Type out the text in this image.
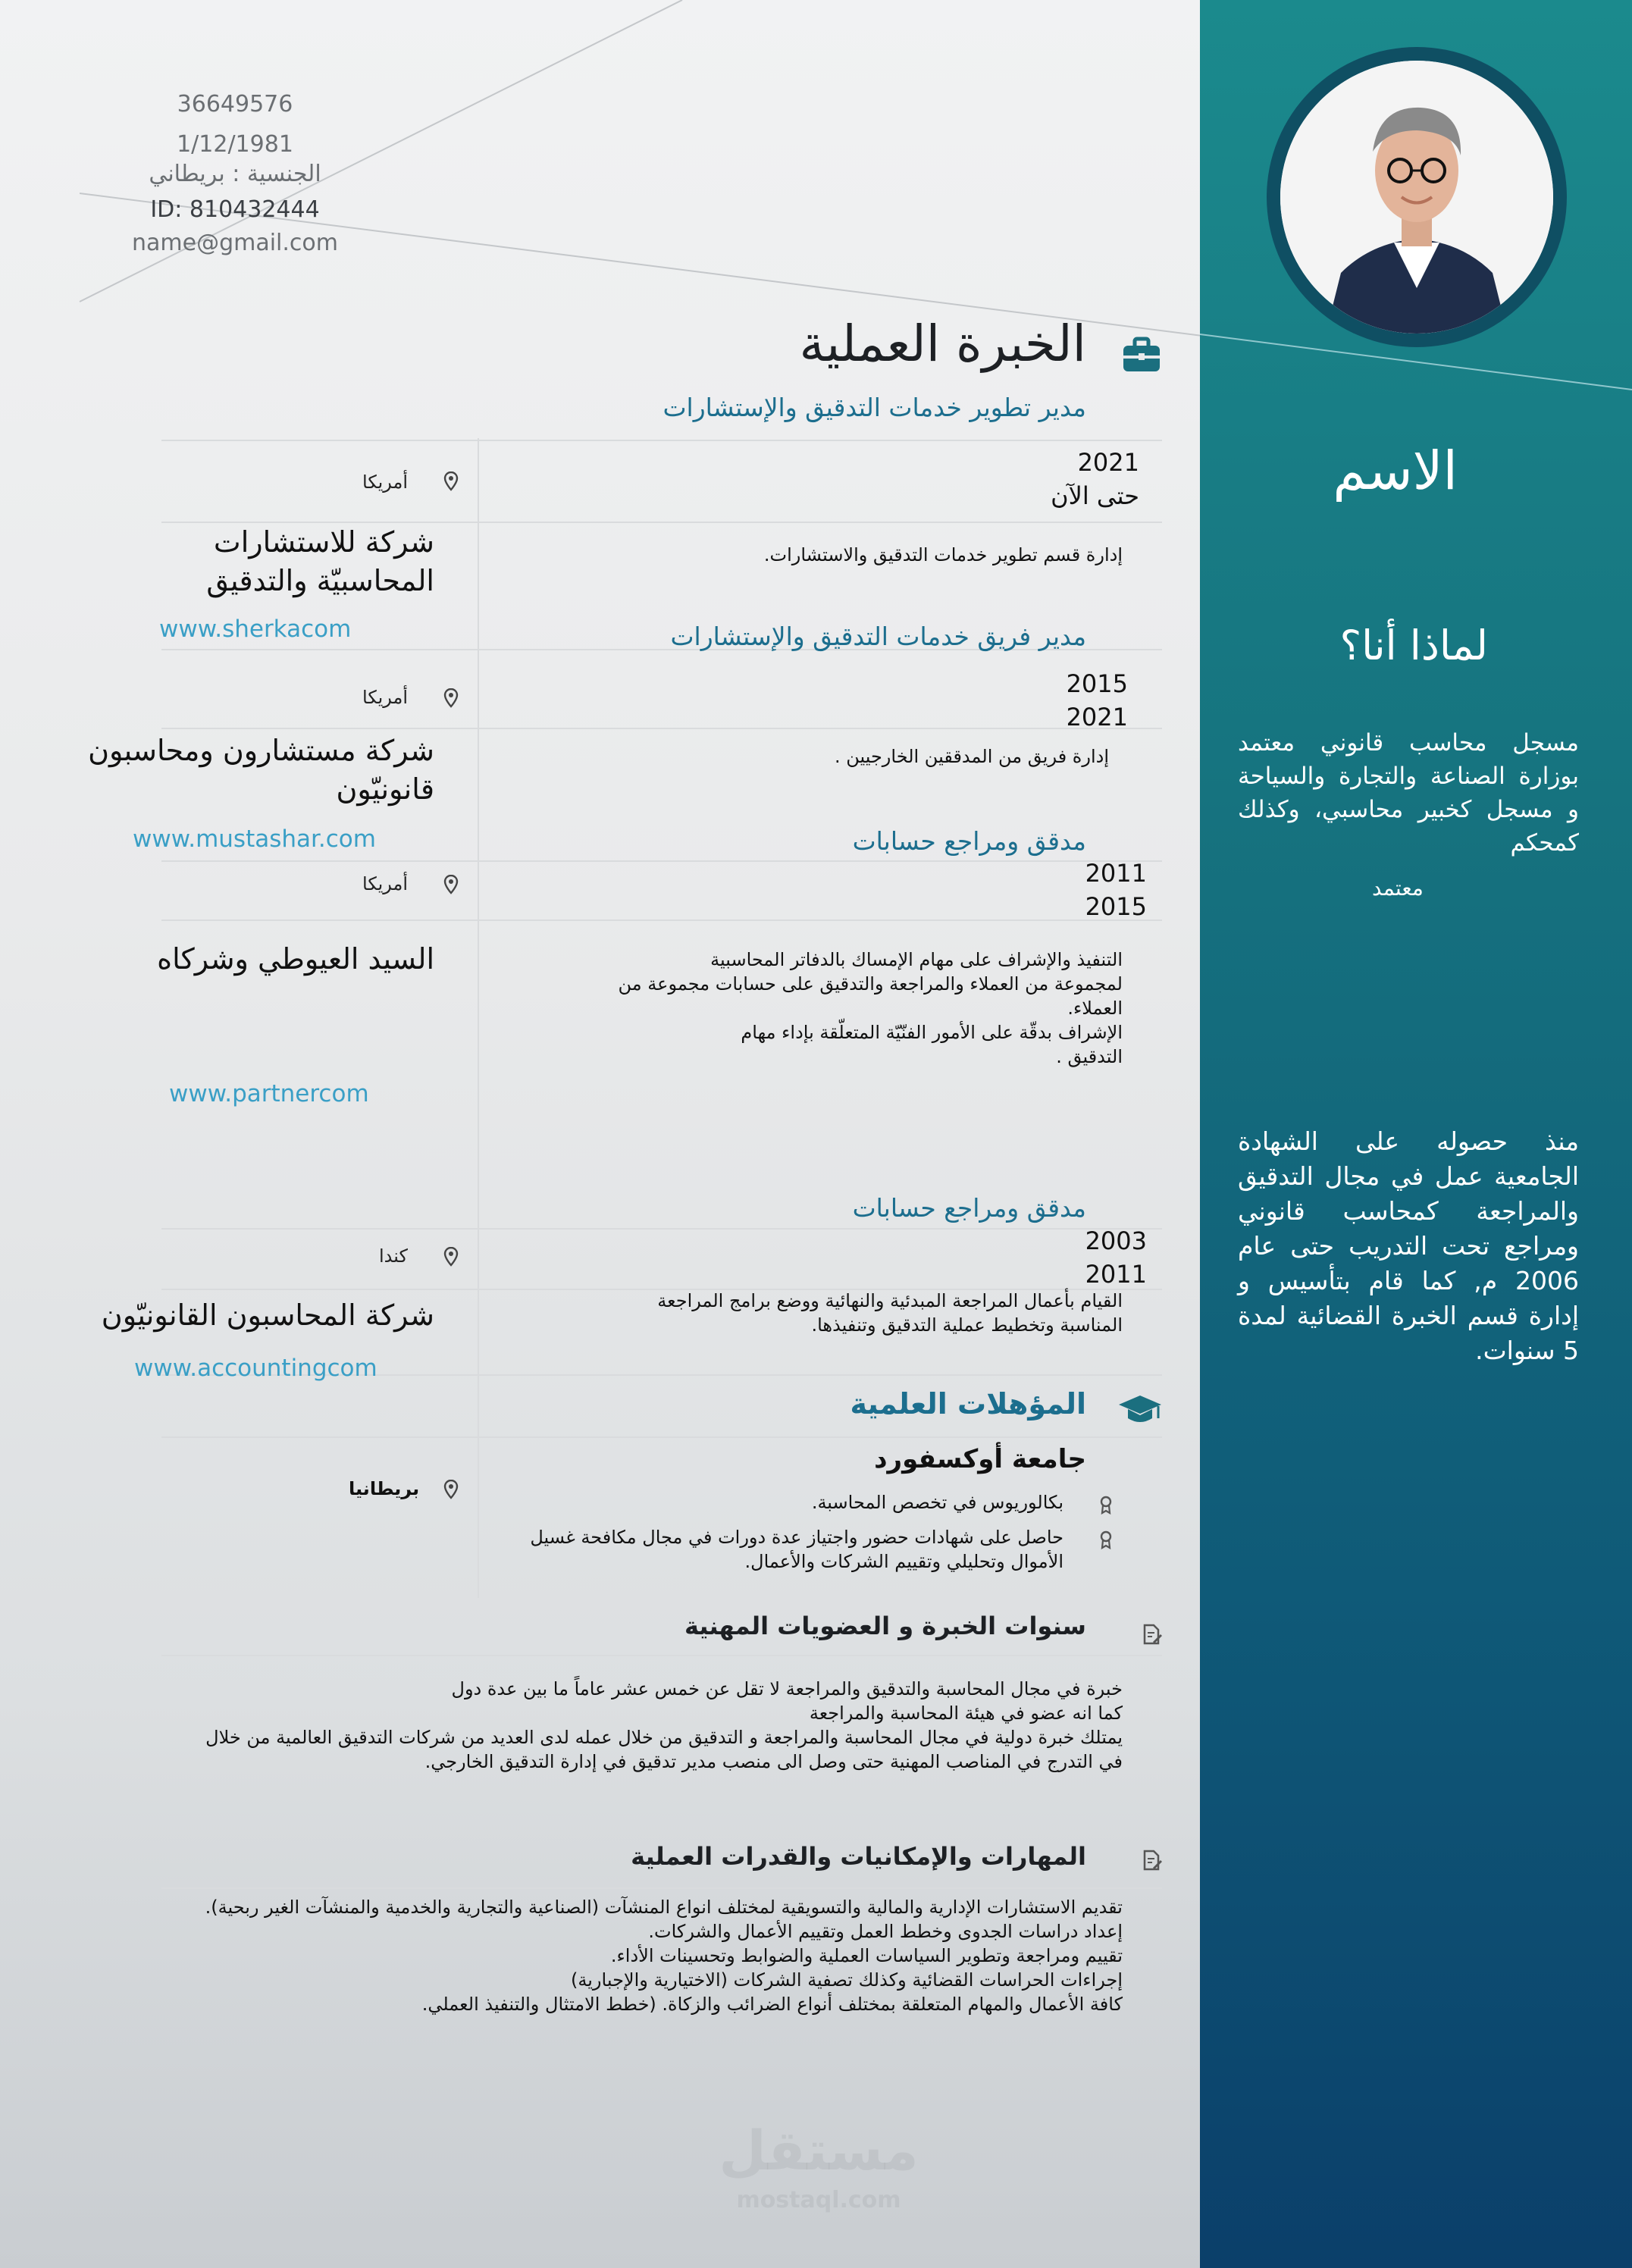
الاسم
لماذا أنا؟
مسجل محاسب قانوني معتمد بوزارة الصناعة والتجارة والسياحة و مسجل كخبير محاسبي، وكذلك كمحكم
معتمد
منذ حصوله على الشهادة الجامعية عمل في مجال التدقيق والمراجعة كمحاسب قانوني ومراجع تحت التدريب حتى عام 2006 م, كما قام بتأسيس و إدارة قسم الخبرة القضائية لمدة 5 سنوات.
36649576
1/12/1981
الجنسية : بريطاني
ID: 810432444
name@gmail.com
الخبرة العملية
مدير تطوير خدمات التدقيق والإستشارات
2021
حتى الآن
أمريكا
شركة للاستشارات
المحاسبيّة والتدقيق
www.sherkacom
إدارة قسم تطوير خدمات التدقيق والاستشارات.
مدير فريق خدمات التدقيق والإستشارات
2015
2021
أمريكا
شركة مستشارون ومحاسبون
قانونيّون
www.mustashar.com
إدارة فريق من المدققين الخارجيين .
مدقق ومراجع حسابات
2011
2015
أمريكا
السيد العيوطي وشركاه
www.partnercom
التنفيذ والإشراف على مهام الإمساك بالدفاتر المحاسبية
لمجموعة من العملاء والمراجعة والتدقيق على حسابات مجموعة من
العملاء.
الإشراف بدقّة على الأمور الفنّيّة المتعلّقة بإداء مهام
التدقيق .
مدقق ومراجع حسابات
2003
2011
كندا
شركة المحاسبون القانونيّون
www.accountingcom
القيام بأعمال المراجعة المبدئية والنهائية ووضع برامج المراجعة
المناسبة وتخطيط عملية التدقيق وتنفيذها.
المؤهلات العلمية
جامعة أوكسفورد
بريطانيا
بكالوريوس في تخصص المحاسبة.
حاصل على شهادات حضور واجتياز عدة دورات في مجال مكافحة غسيل
الأموال وتحليلي وتقييم الشركات والأعمال.
سنوات الخبرة و العضويات المهنية
خبرة في مجال المحاسبة والتدقيق والمراجعة لا تقل عن خمس عشر عاماً ما بين عدة دول
كما انه عضو في هيئة المحاسبة والمراجعة
يمتلك خبرة دولية في مجال المحاسبة والمراجعة و التدقيق من خلال عمله لدى العديد من شركات التدقيق العالمية من خلال
في التدرج في المناصب المهنية حتى وصل الى منصب مدير تدقيق في إدارة التدقيق الخارجي.
المهارات والإمكانيات والقدرات العملية
تقديم الاستشارات الإدارية والمالية والتسويقية لمختلف انواع المنشآت (الصناعية والتجارية والخدمية والمنشآت الغير ربحية).
إعداد دراسات الجدوى وخطط العمل وتقييم الأعمال والشركات.
تقييم ومراجعة وتطوير السياسات العملية والضوابط وتحسينات الأداء.
إجراءات الحراسات القضائية وكذلك تصفية الشركات (الاختيارية والإجبارية)
كافة الأعمال والمهام المتعلقة بمختلف أنواع الضرائب والزكاة. (خطط الامتثال والتنفيذ العملي.
مستقل
mostaql.com
